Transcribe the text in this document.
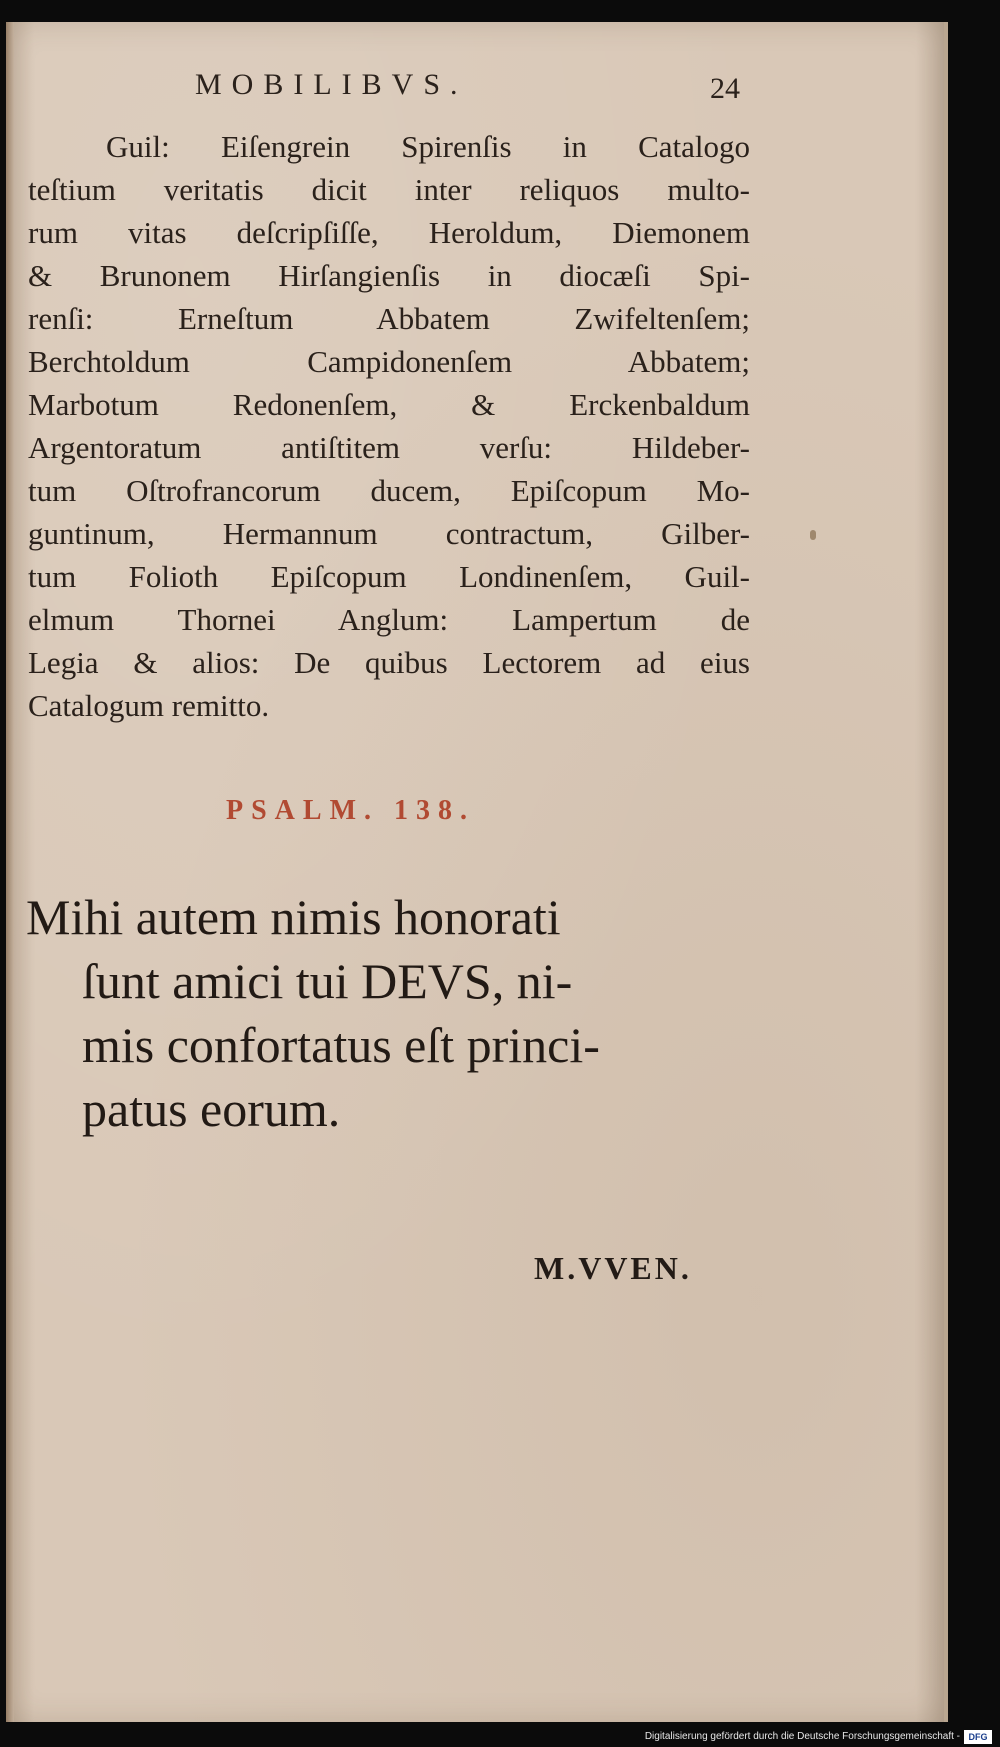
MOBILIBVS.	24
Guil: Eiſengrein Spirenſis in Catalogo
teſtium veritatis dicit inter reliquos multo-
rum vitas deſcripſiſſe, Heroldum, Diemonem
& Brunonem Hirſangienſis in diocæſi Spi-
renſi: Erneſtum Abbatem Zwifeltenſem;
Berchtoldum Campidonenſem Abbatem;
Marbotum Redonenſem, & Erckenbaldum
Argentoratum antiſtitem verſu: Hildeber-
tum Oſtrofrancorum ducem, Epiſcopum Mo-
guntinum, Hermannum contractum, Gilber-
tum Folioth Epiſcopum Londinenſem, Guil-
elmum Thornei Anglum: Lampertum de
Legia & alios: De quibus Lectorem ad eius
Catalogum remitto.
PSALM. 138.
Mihi autem nimis honorati
ſunt amici tui DEVS, ni-
mis confortatus eſt princi-
patus eorum.
M.VVEN.
Digitalisierung gefördert durch die Deutsche Forschungsgemeinschaft - DFG
